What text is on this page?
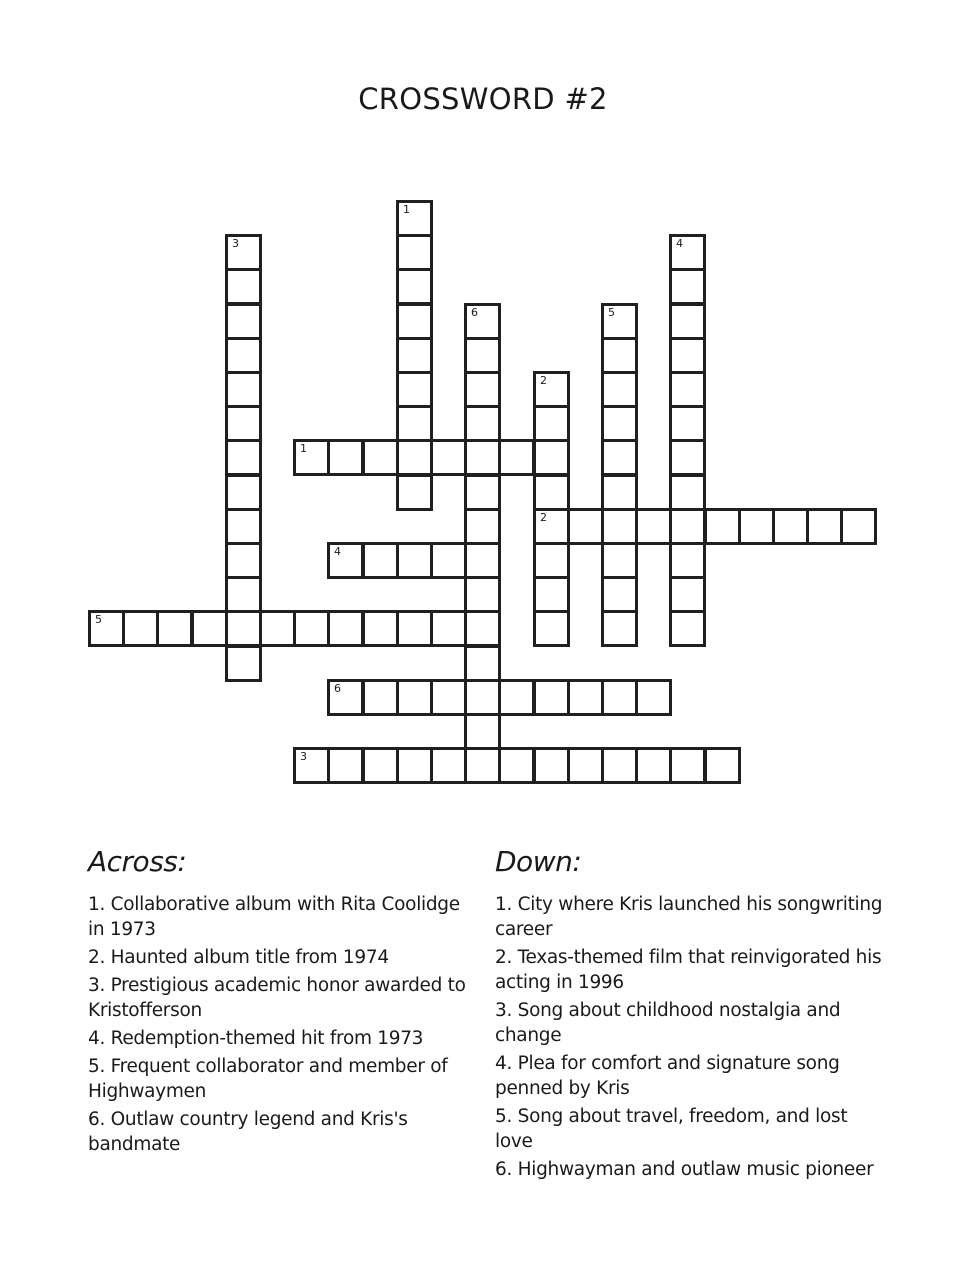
CROSSWORD #2
1
2
3
4
5
6
1
2
3	4
5
6
Across:
1. Collaborative album with Rita Coolidge in 1973
2. Haunted album title from 1974
3. Prestigious academic honor awarded to Kristofferson
4. Redemption-themed hit from 1973
5. Frequent collaborator and member of Highwaymen
6. Outlaw country legend and Kris's bandmate
Down:
1. City where Kris launched his songwriting career
2. Texas-themed film that reinvigorated his acting in 1996
3. Song about childhood nostalgia and change
4. Plea for comfort and signature song penned by Kris
5. Song about travel, freedom, and lost love
6. Highwayman and outlaw music pioneer
